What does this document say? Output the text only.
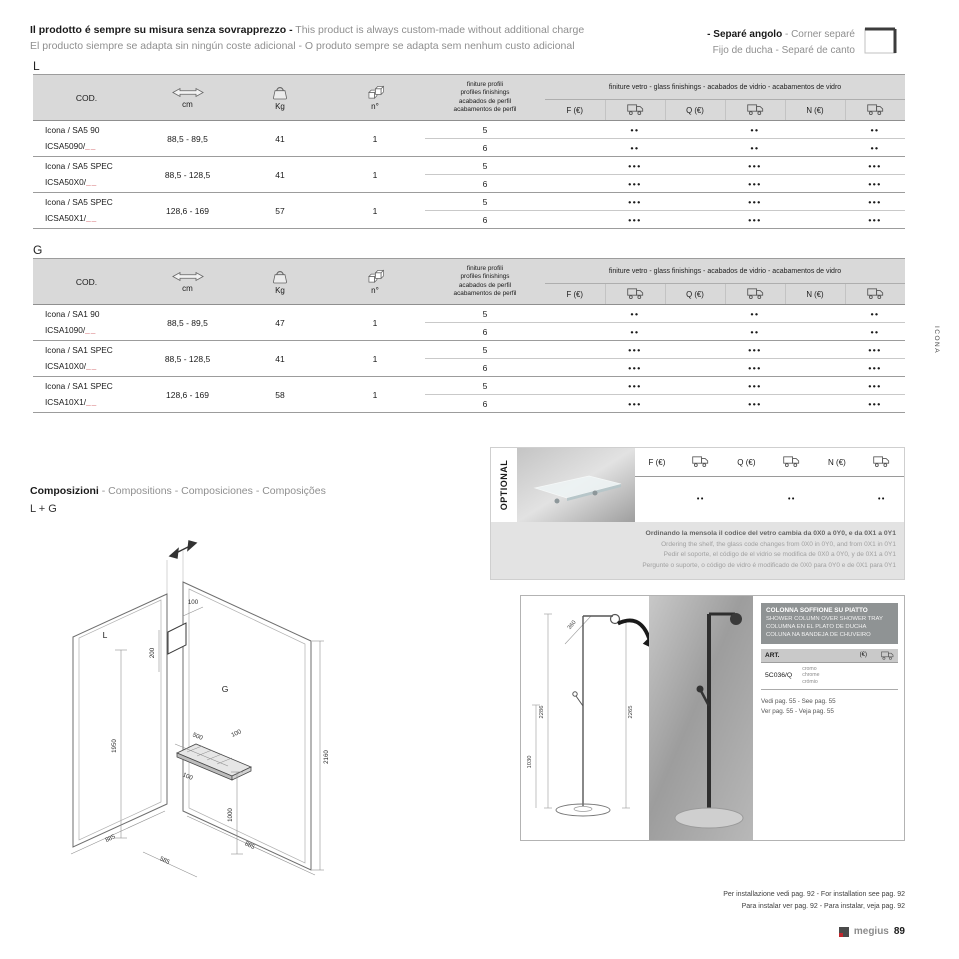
Il prodotto é sempre su misura senza sovrapprezzo - This product is always custom-made without additional charge
El producto siempre se adapta sin ningún coste adicional - O produto sempre se adapta sem nenhum custo adicional
- Separé angolo - Corner separé
Fijo de ducha - Separé de canto
L
COD.	cm	Kg	n°	finiture profili
profiles finishings
acabados de perfil
acabamentos de perfil	finiture vetro - glass finishings - acabados de vidrio - acabamentos de vidro					
					F (€)		Q (€)		N (€)	

Icona / SA5 90
ICSA5090/__	88,5 - 89,5	41	1	5		••		••		••
				6		••		••		••

Icona / SA5 SPEC
ICSA50X0/__	88,5 - 128,5	41	1	5		•••		•••		•••
				6		•••		•••		•••

Icona / SA5 SPEC
ICSA50X1/__	128,6 - 169	57	1	5		•••		•••		•••
				6		•••		•••		•••
G
COD.	cm	Kg	n°	finiture profili
profiles finishings
acabados de perfil
acabamentos de perfil	finiture vetro - glass finishings - acabados de vidrio - acabamentos de vidro					
					F (€)		Q (€)		N (€)	

Icona / SA1 90
ICSA1090/__	88,5 - 89,5	47	1	5		••		••		••
				6		••		••		••

Icona / SA1 SPEC
ICSA10X0/__	88,5 - 128,5	41	1	5		•••		•••		•••
				6		•••		•••		•••

Icona / SA1 SPEC
ICSA10X1/__	128,6 - 169	58	1	5		•••		•••		•••
				6		•••		•••		•••
ICONA
OPTIONAL	F (€)		Q (€)		N (€)	
	••		••		••
Ordinando la mensola il codice del vetro cambia da 0X0 a 0Y0, e da 0X1 a 0Y1
Ordering the shelf, the glass code changes from 0X0 in 0Y0, and from 0X1 in 0Y1
Pedir el soporte, el código de el vidrio se modifica de 0X0 a 0Y0, y de 0X1 a 0Y1
Pergunte o suporte, o código de vidro é modificado de 0X0 para 0Y0 e de 0X1 para 0Y1
Composizioni - Compositions - Composiciones - Composições
L + G
L
G
100
200
2160
1950
1000
500	100
100
885
585
885
2286
1030
2265
360
COLONNA SOFFIONE SU PIATTO
SHOWER COLUMN OVER SHOWER TRAY
COLUMNA EN EL PLATO DE DUCHA
COLUNA NA BANDEJA DE CHUVEIRO
ART.	(€)
5C036/Q
cromo
chrome
crómio
Vedi pag. 55 - See pag. 55
Ver pag. 55 - Veja pag. 55
Per installazione vedi pag. 92 - For installation see pag. 92
Para instalar ver pag. 92 - Para instalar, veja pag. 92
megius 89
